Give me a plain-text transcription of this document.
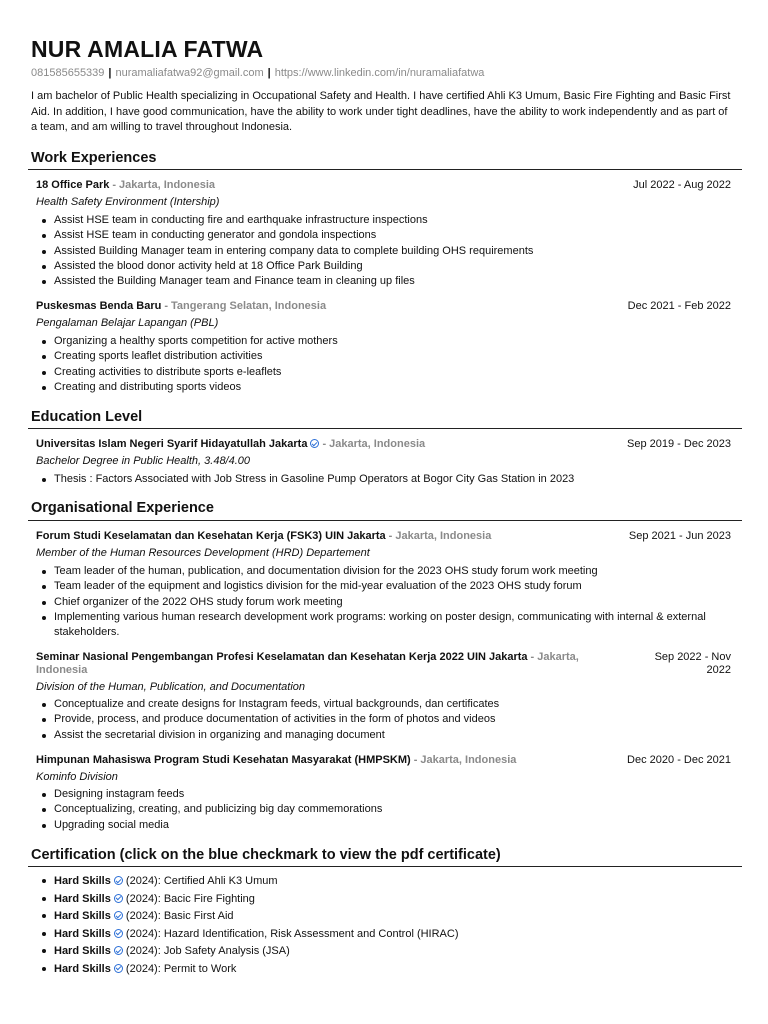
NUR AMALIA FATWA
081585655339 | nuramaliafatwa92@gmail.com | https://www.linkedin.com/in/nuramaliafatwa

I am bachelor of Public Health specializing in Occupational Safety and Health. I have certified Ahli K3 Umum, Basic Fire Fighting and Basic First Aid. In addition, I have good communication, have the ability to work under tight deadlines, have the ability to work independently and as part of a team, and am willing to travel throughout Indonesia.

Work Experiences
18 Office Park - Jakarta, Indonesia	Jul 2022 - Aug 2022
Health Safety Environment (Intership)
Assist HSE team in conducting fire and earthquake infrastructure inspections
Assist HSE team in conducting generator and gondola inspections
Assisted Building Manager team in entering company data to complete building OHS requirements
Assisted the blood donor activity held at 18 Office Park Building
Assisted the Building Manager team and Finance team in cleaning up files
Puskesmas Benda Baru - Tangerang Selatan, Indonesia	Dec 2021 - Feb 2022
Pengalaman Belajar Lapangan (PBL)
Organizing a healthy sports competition for active mothers
Creating sports leaflet distribution activities
Creating activities to distribute sports e-leaflets
Creating and distributing sports videos
Education Level
Universitas Islam Negeri Syarif Hidayatullah Jakarta - Jakarta, Indonesia	Sep 2019 - Dec 2023
Bachelor Degree in Public Health, 3.48/4.00
Thesis : Factors Associated with Job Stress in Gasoline Pump Operators at Bogor City Gas Station in 2023
Organisational Experience
Forum Studi Keselamatan dan Kesehatan Kerja (FSK3) UIN Jakarta - Jakarta, Indonesia	Sep 2021 - Jun 2023
Member of the Human Resources Development (HRD) Departement
Team leader of the human, publication, and documentation division for the 2023 OHS study forum work meeting
Team leader of the equipment and logistics division for the mid-year evaluation of the 2023 OHS study forum
Chief organizer of the 2022 OHS study forum work meeting
Implementing various human research development work programs: working on poster design, communicating with internal & external stakeholders.
Seminar Nasional Pengembangan Profesi Keselamatan dan Kesehatan Kerja 2022 UIN Jakarta - Jakarta, Indonesia
Sep 2022 - Nov 2022
Division of the Human, Publication, and Documentation
Conceptualize and create designs for Instagram feeds, virtual backgrounds, dan certificates
Provide, process, and produce documentation of activities in the form of photos and videos
Assist the secretarial division in organizing and managing document
Himpunan Mahasiswa Program Studi Kesehatan Masyarakat (HMPSKM) - Jakarta, Indonesia	Dec 2020 - Dec 2021
Kominfo Division
Designing instagram feeds
Conceptualizing, creating, and publicizing big day commemorations
Upgrading social media
Certification (click on the blue checkmark to view the pdf certificate)
Hard Skills (2024): Certified Ahli K3 Umum
Hard Skills (2024): Bacic Fire Fighting
Hard Skills (2024): Basic First Aid
Hard Skills (2024): Hazard Identification, Risk Assessment and Control (HIRAC)
Hard Skills (2024): Job Safety Analysis (JSA)
Hard Skills (2024): Permit to Work
